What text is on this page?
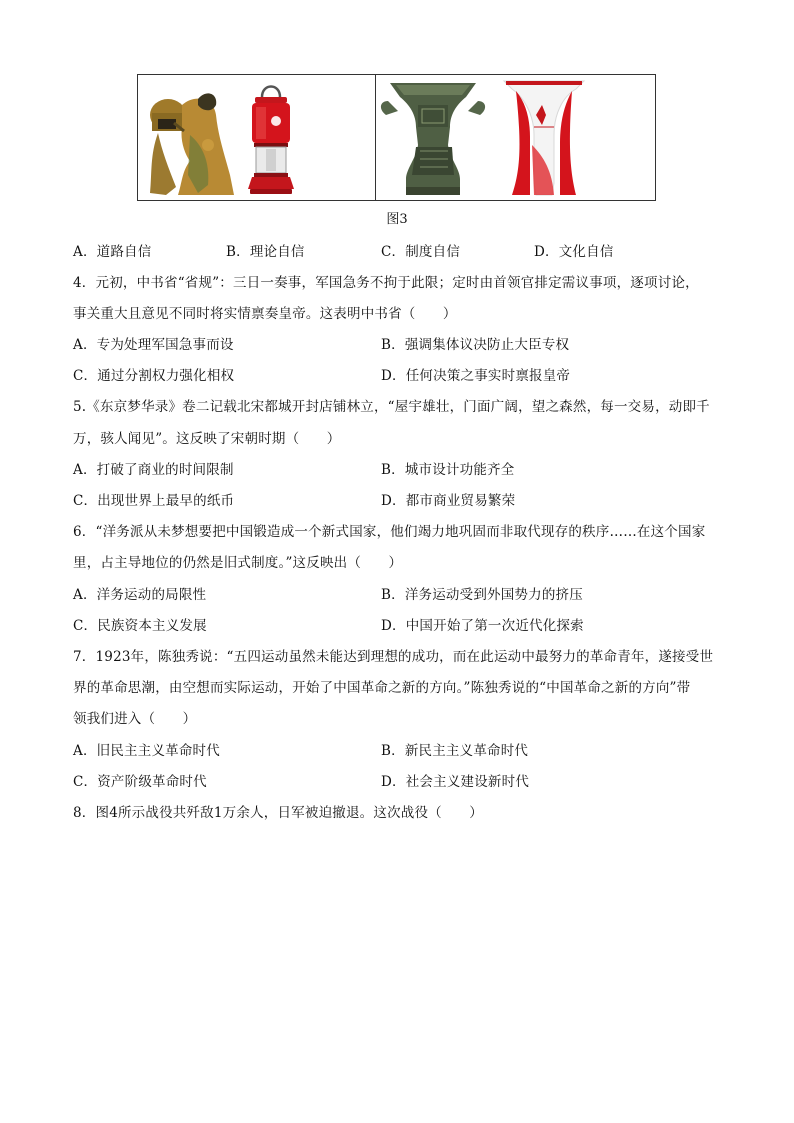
图3
A．道路自信	B．理论自信	C．制度自信	D．文化自信
4．元初，中书省“省规”：三日一奏事，军国急务不拘于此限；定时由首领官排定需议事项，逐项讨论，
事关重大且意见不同时将实情禀奏皇帝。这表明中书省（　　）
A．专为处理军国急事而设	B．强调集体议决防止大臣专权
C．通过分割权力强化相权	D．任何决策之事实时禀报皇帝
5.《东京梦华录》卷二记载北宋都城开封店铺林立，“屋宇雄壮，门面广阔，望之森然，每一交易，动即千
万，骇人闻见”。这反映了宋朝时期（　　）
A．打破了商业的时间限制	B．城市设计功能齐全
C．出现世界上最早的纸币	D．都市商业贸易繁荣
6．“洋务派从未梦想要把中国锻造成一个新式国家，他们竭力地巩固而非取代现存的秩序……在这个国家
里，占主导地位的仍然是旧式制度。”这反映出（　　）
A．洋务运动的局限性	B．洋务运动受到外国势力的挤压
C．民族资本主义发展	D．中国开始了第一次近代化探索
7．1923年，陈独秀说：“五四运动虽然未能达到理想的成功，而在此运动中最努力的革命青年，遂接受世
界的革命思潮，由空想而实际运动，开始了中国革命之新的方向。”陈独秀说的“中国革命之新的方向”带
领我们进入（　　）
A．旧民主主义革命时代	B．新民主主义革命时代
C．资产阶级革命时代	D．社会主义建设新时代
8．图4所示战役共歼敌1万余人，日军被迫撤退。这次战役（　　）
